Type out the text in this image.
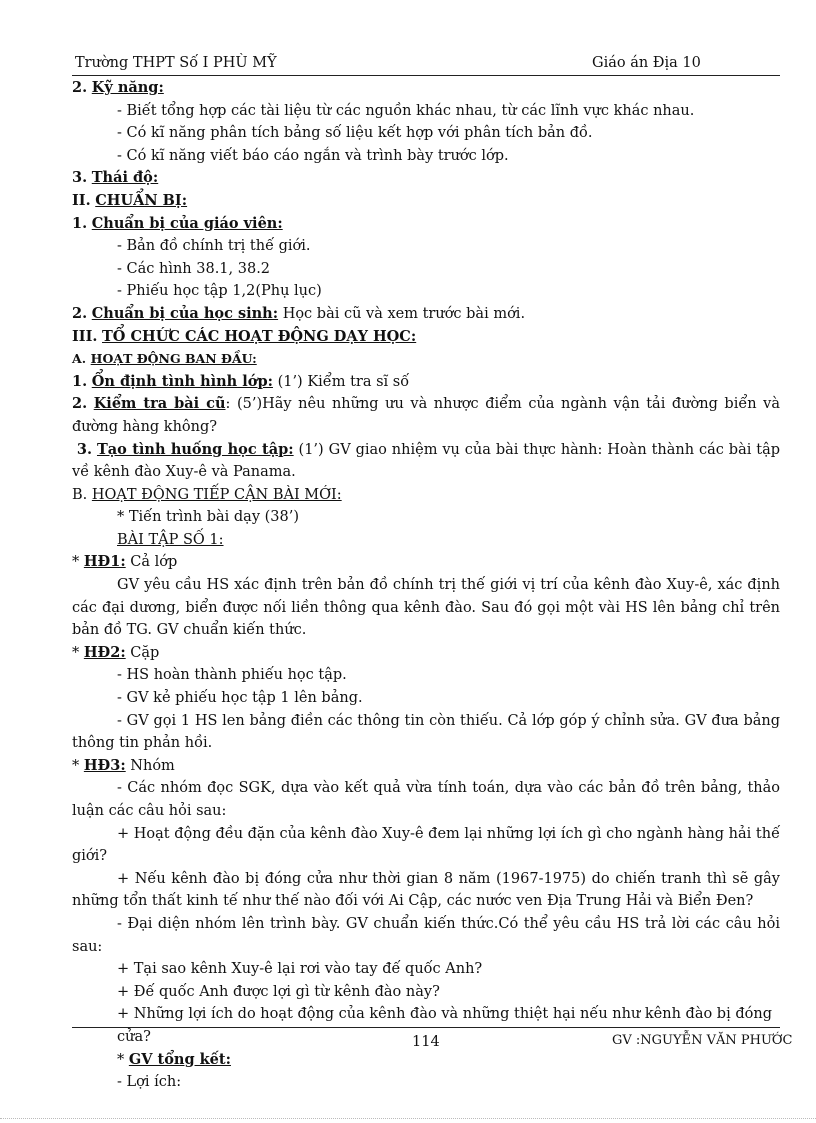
Trường THPT Số I PHÙ MỸ	Giáo án Địa 10

2. Kỹ năng:

- Biết tổng hợp các tài liệu từ các nguồn khác nhau, từ các lĩnh vực khác nhau.

- Có kĩ năng phân tích bảng số liệu kết hợp với phân tích bản đồ.

- Có kĩ năng viết báo cáo ngắn và trình bày trước lớp.

3. Thái độ:

II. CHUẨN BỊ:

1. Chuẩn bị của giáo viên:

- Bản đồ chính trị thế giới.

- Các hình 38.1, 38.2

- Phiếu học tập 1,2(Phụ lục)

2. Chuẩn bị của học sinh: Học bài cũ và xem trước bài mới.

III. TỔ CHỨC CÁC HOẠT ĐỘNG DẠY HỌC:

A. HOẠT ĐỘNG BAN ĐẦU:

1. Ổn định tình hình lớp: (1’) Kiểm tra sĩ số

2. Kiểm tra bài cũ: (5’)Hãy nêu những ưu và nhược điểm của ngành vận tải đường biển và đường hàng không?

3. Tạo tình huống học tập: (1’) GV giao nhiệm vụ của bài thực hành: Hoàn thành các bài tập về kênh đào Xuy-ê và Panama.

B. HOẠT ĐỘNG TIẾP CẬN BÀI MỚI:

* Tiến trình bài dạy (38’)

BÀI TẬP SỐ 1:

* HĐ1: Cả lớp

GV yêu cầu HS xác định trên bản đồ chính trị thế giới vị trí của kênh đào Xuy-ê, xác định các đại dương, biển được nối liền thông qua kênh đào. Sau đó gọi một vài HS lên bảng chỉ trên bản đồ TG. GV chuẩn kiến thức.

* HĐ2: Cặp

- HS hoàn thành phiếu học tập.

- GV kẻ phiếu học tập 1 lên bảng.

- GV gọi 1 HS len bảng điền các thông tin còn thiếu. Cả lớp góp ý chỉnh sửa. GV đưa bảng thông tin phản hồi.

* HĐ3: Nhóm

- Các nhóm đọc SGK, dựa vào kết quả vừa tính toán, dựa vào các bản đồ trên bảng, thảo luận các câu hỏi sau:

+ Hoạt động đều đặn của kênh đào Xuy-ê đem lại những lợi ích gì cho ngành hàng hải thế giới?

+ Nếu kênh đào bị đóng cửa như thời gian 8 năm (1967-1975) do chiến tranh thì sẽ gây những tổn thất kinh tế như thế nào đối với Ai Cập, các nước ven Địa Trung Hải và Biển Đen?

- Đại diện nhóm lên trình bày. GV chuẩn kiến thức.Có thể yêu cầu HS trả lời các câu hỏi sau:

+ Tại sao kênh Xuy-ê lại rơi vào tay đế quốc Anh?

+ Đế quốc Anh được lợi gì từ kênh đào này?

+ Những lợi ích do hoạt động của kênh đào và những thiệt hại nếu như kênh đào bị đóng cửa?

* GV tổng kết:

- Lợi ích:

114	GV :NGUYỄN VĂN PHƯỚC
